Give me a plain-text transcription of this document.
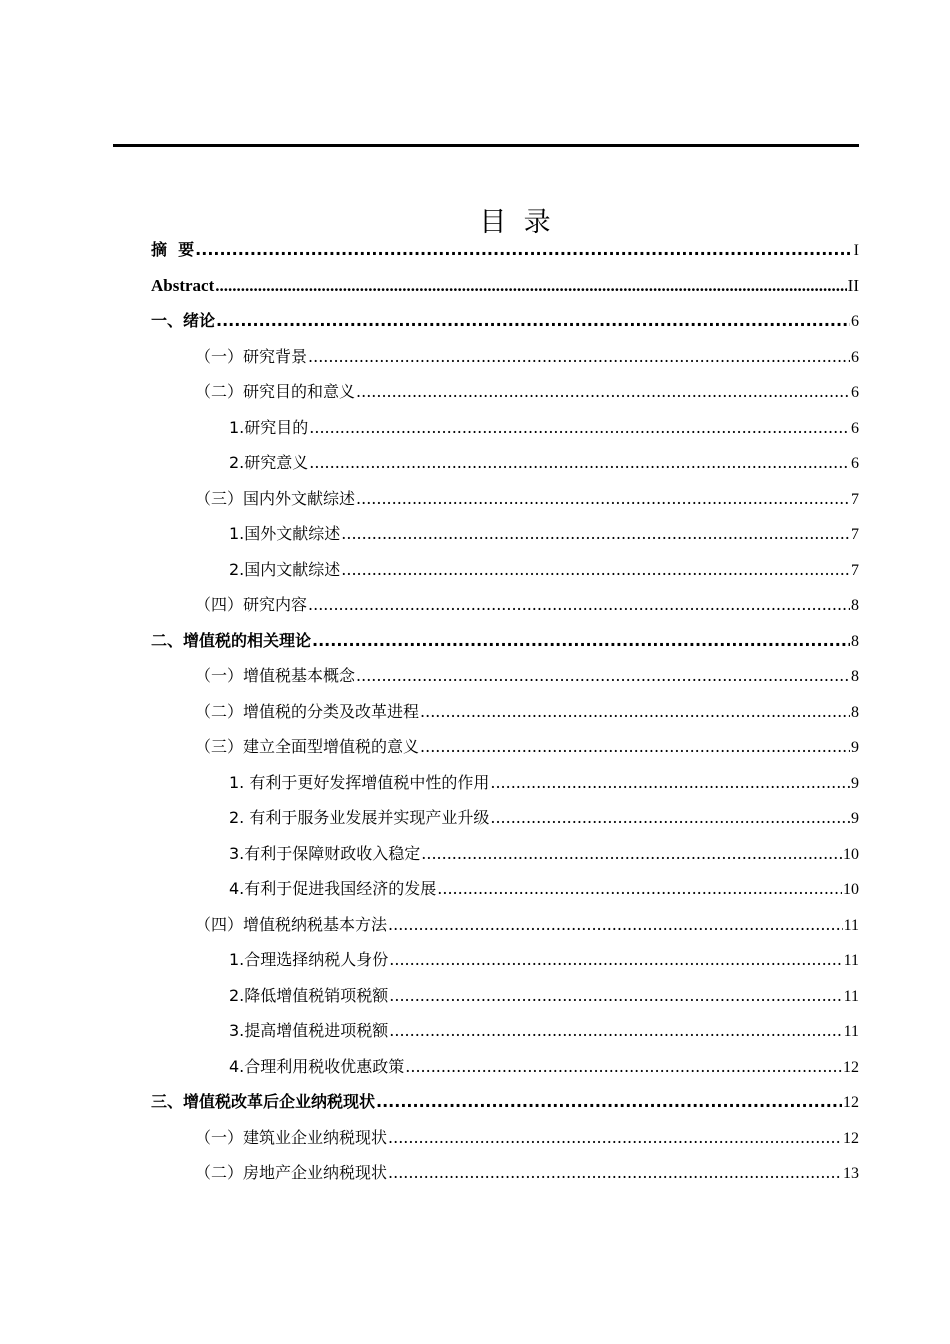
目  录
摘  要 .....	I
Abstract .....	II
一、绪论 .....	6
（一）研究背景 .....	6
（二）研究目的和意义 .....	6
1.研究目的 .....	6
2.研究意义 .....	6
（三）国内外文献综述 .....	7
1.国外文献综述 .....	7
2.国内文献综述 .....	7
（四）研究内容 .....	8
二、增值税的相关理论 .....	8
（一）增值税基本概念 .....	8
（二）增值税的分类及改革进程 .....	8
（三）建立全面型增值税的意义 .....	9
1. 有利于更好发挥增值税中性的作用 .....	9
2. 有利于服务业发展并实现产业升级 .....	9
3.有利于保障财政收入稳定 .....	10
4.有利于促进我国经济的发展 .....	10
（四）增值税纳税基本方法 .....	11
1.合理选择纳税人身份 .....	11
2.降低增值税销项税额 .....	11
3.提高增值税进项税额 .....	11
4.合理利用税收优惠政策 .....	12
三、增值税改革后企业纳税现状 .....	12
（一）建筑业企业纳税现状 .....	12
（二）房地产企业纳税现状 .....	13
